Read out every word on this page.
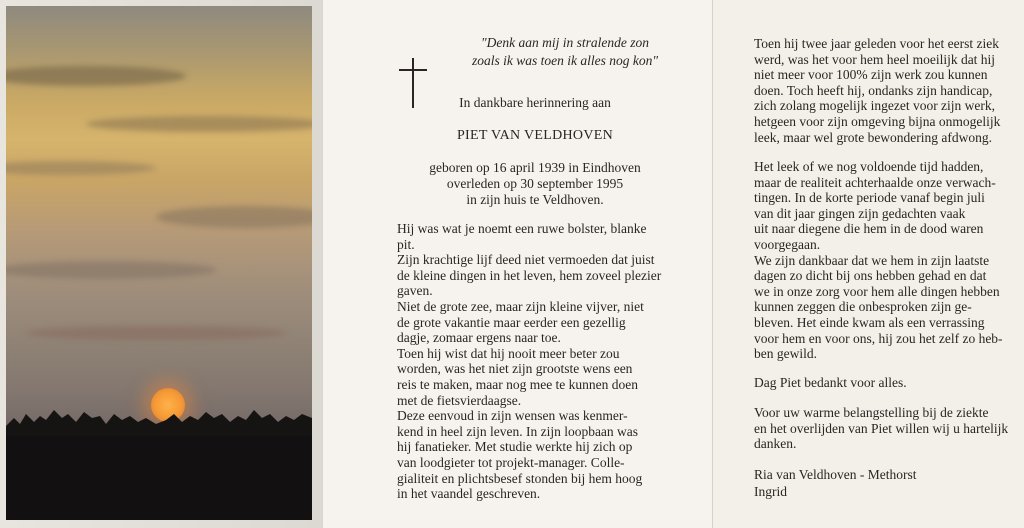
"Denk aan mij in stralende zon
zoals ik was toen ik alles nog kon"
In dankbare herinnering aan
PIET VAN VELDHOVEN
geboren op 16 april 1939 in Eindhoven
overleden op 30 september 1995
in zijn huis te Veldhoven.

Hij was wat je noemt een ruwe bolster, blanke

pit.

Zijn krachtige lijf deed niet vermoeden dat juist

de kleine dingen in het leven, hem zoveel plezier

gaven.

Niet de grote zee, maar zijn kleine vijver, niet

de grote vakantie maar eerder een gezellig

dagje, zomaar ergens naar toe.

Toen hij wist dat hij nooit meer beter zou

worden, was het niet zijn grootste wens een

reis te maken, maar nog mee te kunnen doen

met de fietsvierdaagse.

Deze eenvoud in zijn wensen was kenmer-

kend in heel zijn leven. In zijn loopbaan was

hij fanatieker. Met studie werkte hij zich op

van loodgieter tot projekt-manager. Colle-

gialiteit en plichtsbesef stonden bij hem hoog

in het vaandel geschreven.

Toen hij twee jaar geleden voor het eerst ziek

werd, was het voor hem heel moeilijk dat hij

niet meer voor 100% zijn werk zou kunnen

doen. Toch heeft hij, ondanks zijn handicap,

zich zolang mogelijk ingezet voor zijn werk,

hetgeen voor zijn omgeving bijna onmogelijk

leek, maar wel grote bewondering afdwong.

Het leek of we nog voldoende tijd hadden,

maar de realiteit achterhaalde onze verwach-

tingen. In de korte periode vanaf begin juli

van dit jaar gingen zijn gedachten vaak

uit naar diegene die hem in de dood waren

voorgegaan.

We zijn dankbaar dat we hem in zijn laatste

dagen zo dicht bij ons hebben gehad en dat

we in onze zorg voor hem alle dingen hebben

kunnen zeggen die onbesproken zijn ge-

bleven. Het einde kwam als een verrassing

voor hem en voor ons, hij zou het zelf zo heb-

ben gewild.

Dag Piet bedankt voor alles.

Voor uw warme belangstelling bij de ziekte

en het overlijden van Piet willen wij u hartelijk

danken.

Ria van Veldhoven - Methorst
Ingrid
